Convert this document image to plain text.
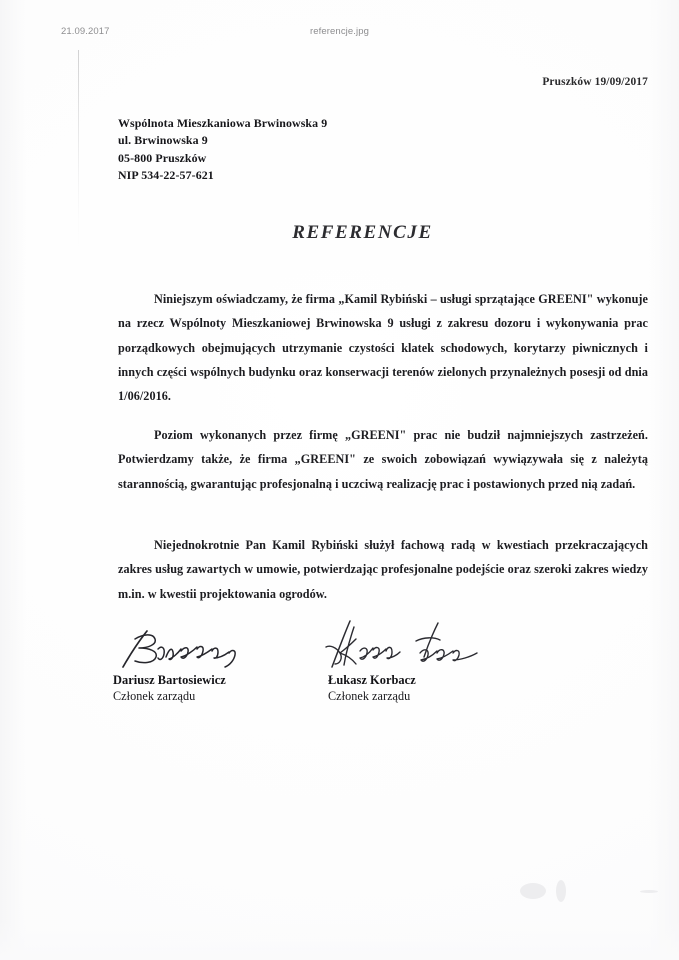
21.09.2017	referencje.jpg
Pruszków 19/09/2017
Wspólnota Mieszkaniowa Brwinowska 9
ul. Brwinowska 9
05-800 Pruszków
NIP 534-22-57-621
REFERENCJE

Niniejszym oświadczamy, że firma „Kamil Rybiński – usługi sprzątające GREENI" wykonuje na rzecz Wspólnoty Mieszkaniowej Brwinowska 9 usługi z zakresu dozoru i wykonywania prac porządkowych obejmujących utrzymanie czystości klatek schodowych, korytarzy piwnicznych i innych części wspólnych budynku oraz konserwacji terenów zielonych przynależnych posesji od dnia 1/06/2016.

Poziom wykonanych przez firmę „GREENI" prac nie budził najmniejszych zastrzeżeń. Potwierdzamy także, że firma „GREENI" ze swoich zobowiązań wywiązywała się z należytą starannością, gwarantując profesjonalną i uczciwą realizację prac i postawionych przed nią zadań.

Niejednokrotnie Pan Kamil Rybiński służył fachową radą w kwestiach przekraczających zakres usług zawartych w umowie, potwierdzając profesjonalne podejście oraz szeroki zakres wiedzy m.in. w kwestii projektowania ogrodów.

Dariusz Bartosiewicz
Członek zarządu
Łukasz Korbacz
Członek zarządu
